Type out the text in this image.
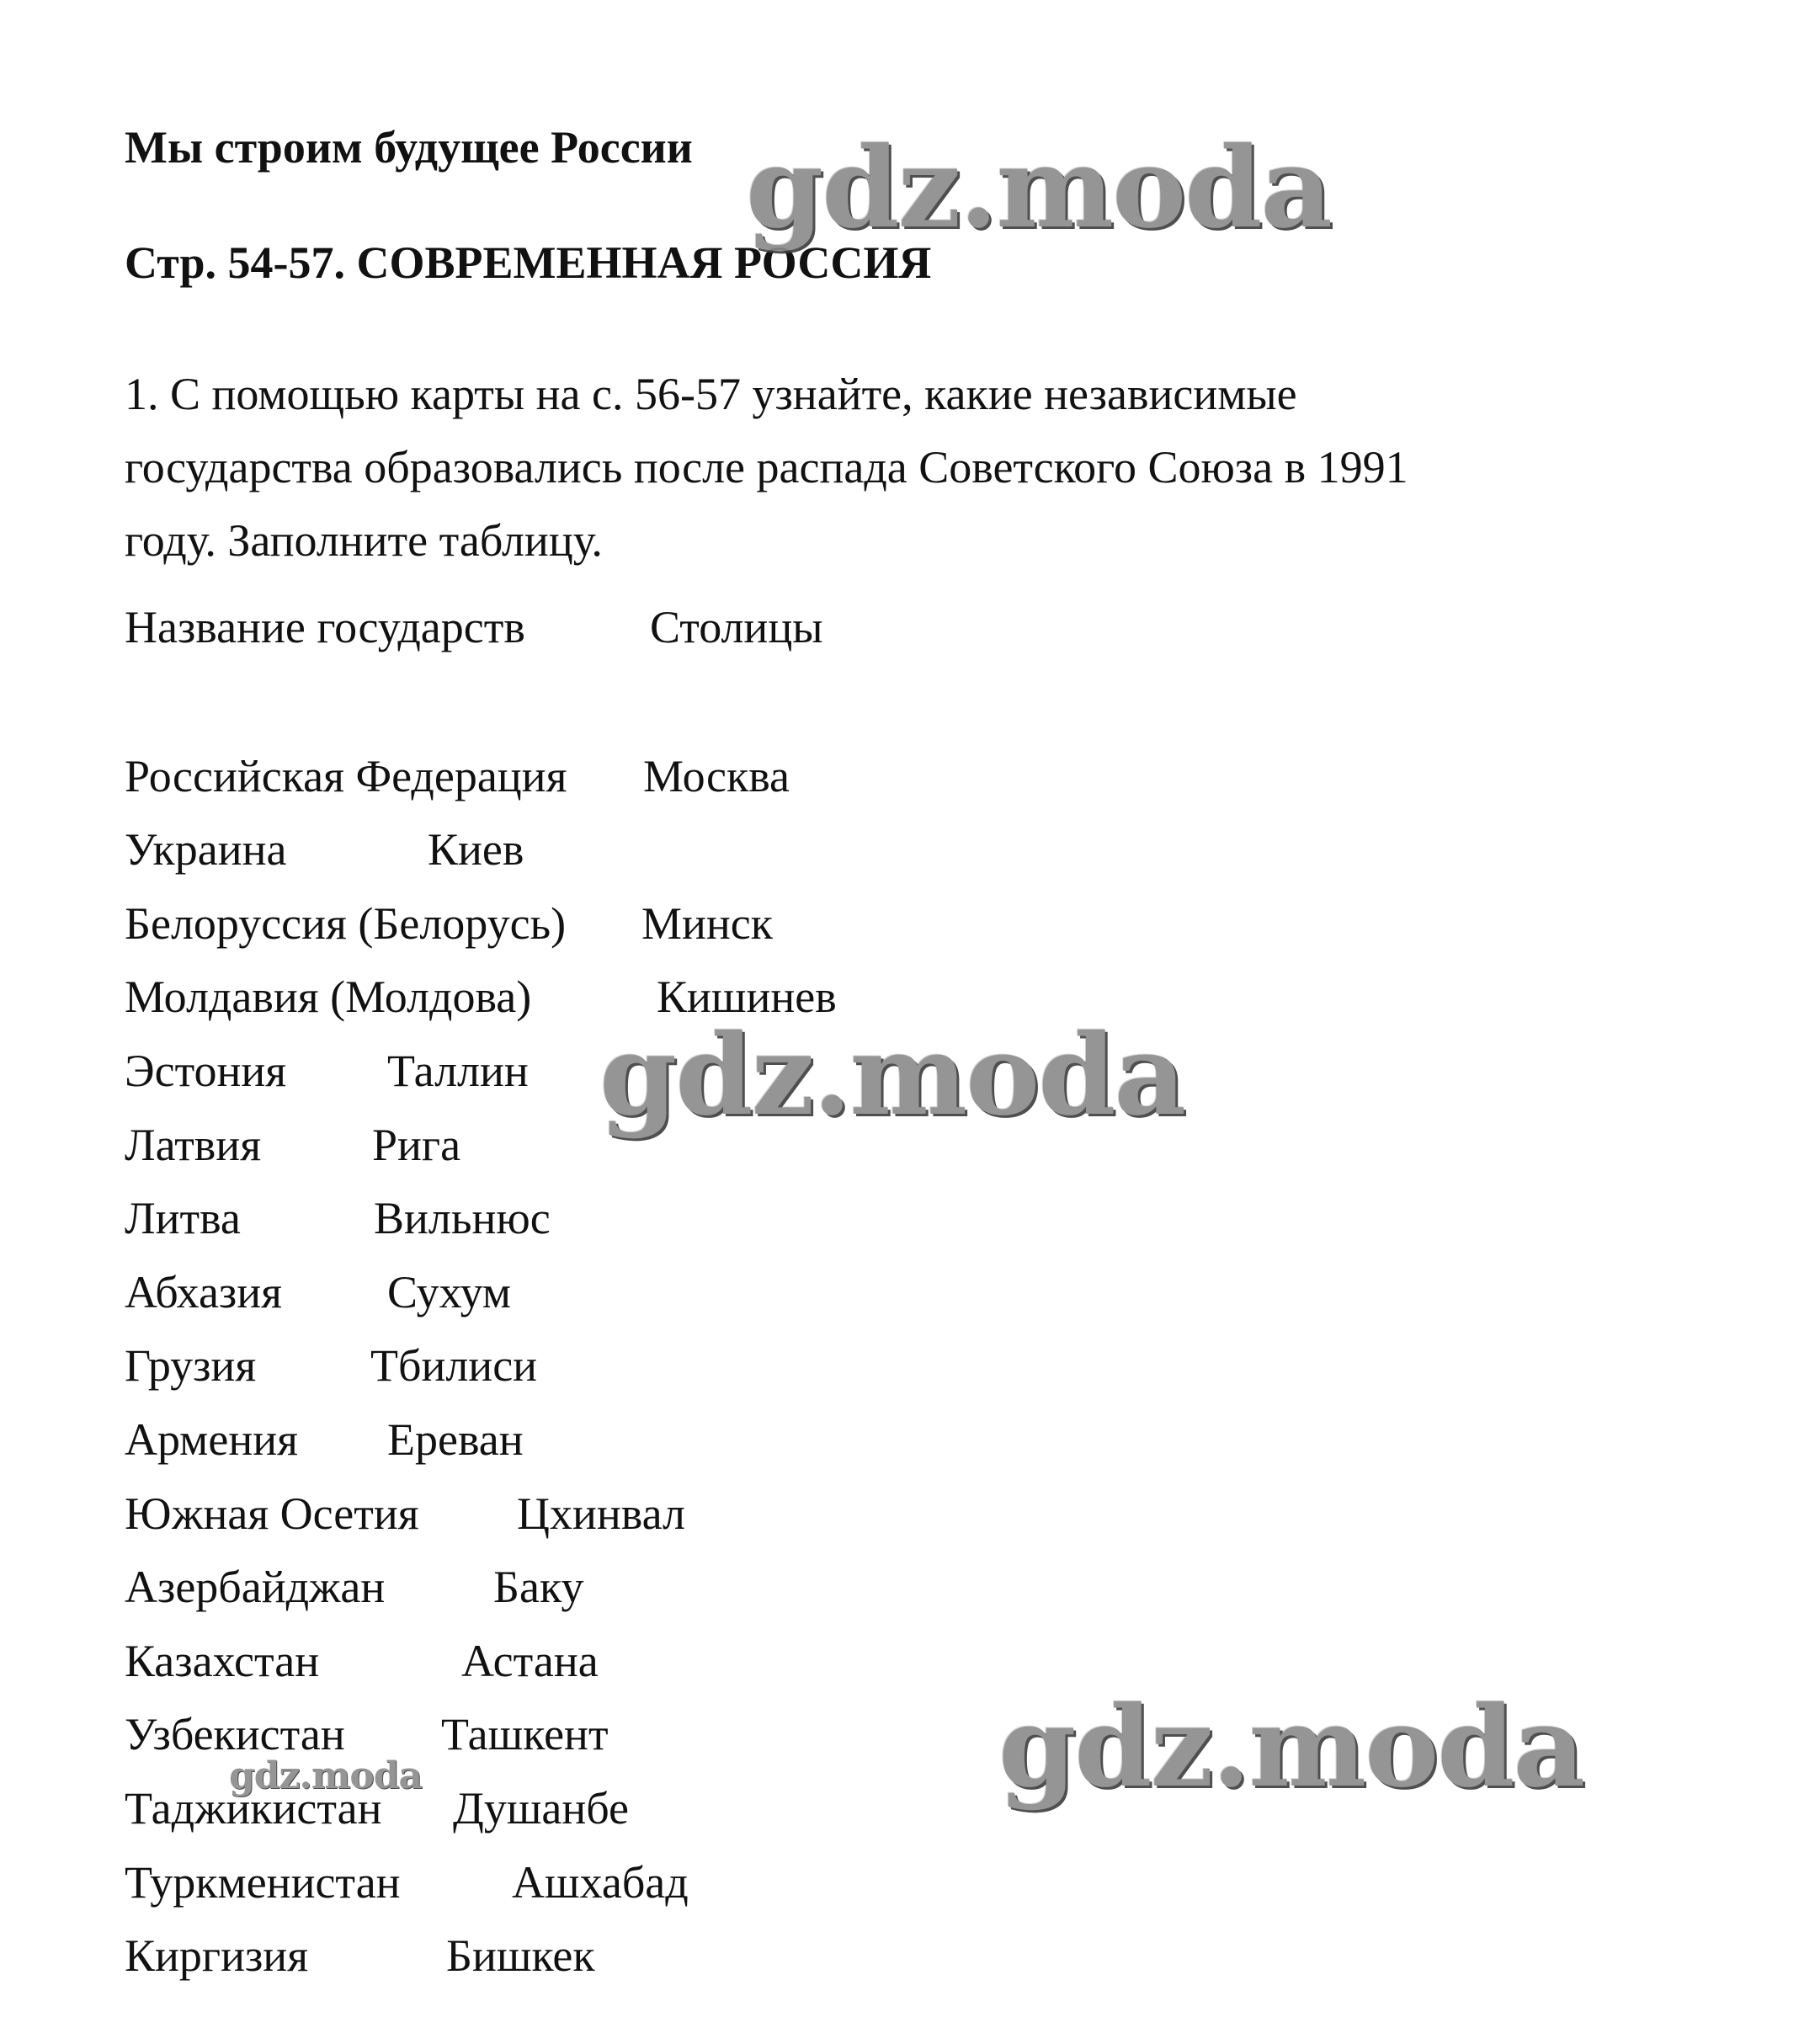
Мы строим будущее России
Стр. 54-57. СОВРЕМЕННАЯ РОССИЯ

1. С помощью карты на с. 56-57 узнайте, какие независимые

государства образовались после распада Советского Союза в 1991

году. Заполните таблицу.

Название государств	Столицы
Российская Федерация Москва
Украина	Киев
Белоруссия (Белорусь) Минск
Молдавия (Молдова)	Кишинев
Эстония Таллин
Латвия Рига
Литва	Вильнюс
Абхазия Сухум
Грузия	Тбилиси
Армения Ереван
Южная Осетия Цхинвал
Азербайджан Баку
Казахстан	Астана
Узбекистан Ташкент
Таджикистан Душанбе
Туркменистан Ашхабад
Киргизия	Бишкек
gdz.moda
gdz.moda
gdz.moda
gdz.moda
